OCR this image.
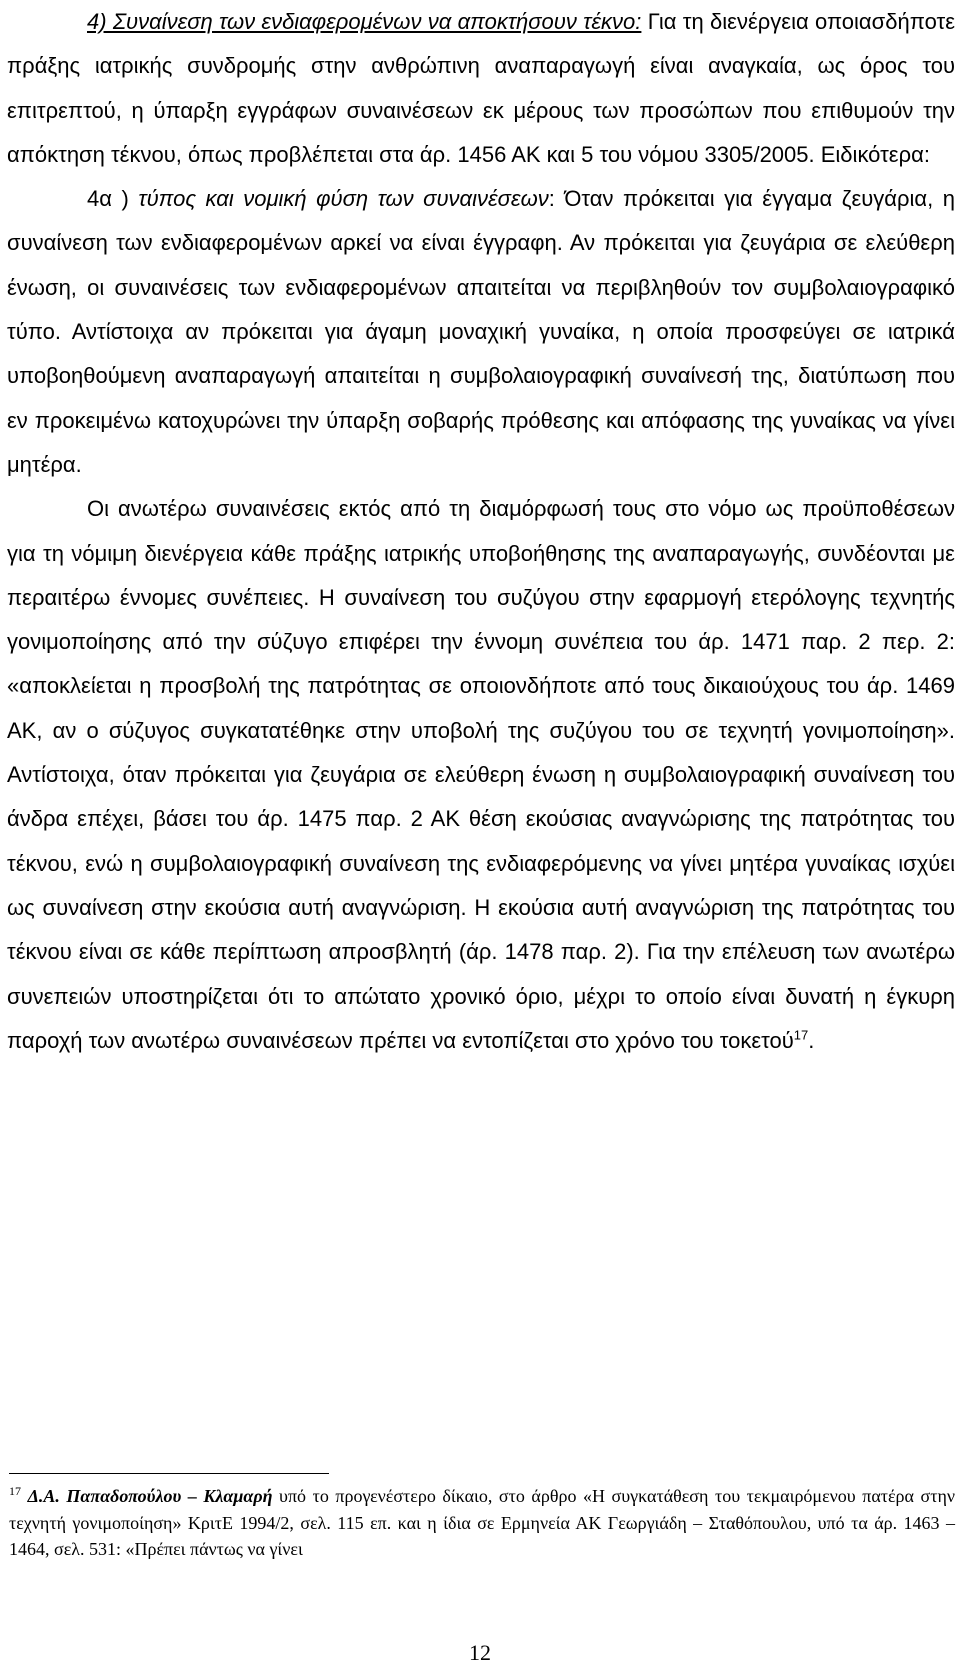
4) Συναίνεση των ενδιαφερομένων να αποκτήσουν τέκνο: Για τη διενέργεια οποιασδήποτε πράξης ιατρικής συνδρομής στην ανθρώπινη αναπαραγωγή είναι αναγκαία, ως όρος του επιτρεπτού, η ύπαρξη εγγράφων συναινέσεων εκ μέρους των προσώπων που επιθυμούν την απόκτηση τέκνου, όπως προβλέπεται στα άρ. 1456 ΑΚ και 5 του νόμου 3305/2005. Ειδικότερα:

4α ) τύπος και νομική φύση των συναινέσεων: Όταν πρόκειται για έγγαμα ζευγάρια, η συναίνεση των ενδιαφερομένων αρκεί να είναι έγγραφη. Αν πρόκειται για ζευγάρια σε ελεύθερη ένωση, οι συναινέσεις των ενδιαφερομένων απαιτείται να περιβληθούν τον συμβολαιογραφικό τύπο. Αντίστοιχα αν πρόκειται για άγαμη μοναχική γυναίκα, η οποία προσφεύγει σε ιατρικά υποβοηθούμενη αναπαραγωγή απαιτείται η συμβολαιογραφική συναίνεσή της, διατύπωση που εν προκειμένω κατοχυρώνει την ύπαρξη σοβαρής πρόθεσης και απόφασης της γυναίκας να γίνει μητέρα.

Οι ανωτέρω συναινέσεις εκτός από τη διαμόρφωσή τους στο νόμο ως προϋποθέσεων για τη νόμιμη διενέργεια κάθε πράξης ιατρικής υποβοήθησης της αναπαραγωγής, συνδέονται με περαιτέρω έννομες συνέπειες. Η συναίνεση του συζύγου στην εφαρμογή ετερόλογης τεχνητής γονιμοποίησης από την σύζυγο επιφέρει την έννομη συνέπεια του άρ. 1471 παρ. 2 περ. 2: «αποκλείεται η προσβολή της πατρότητας σε οποιονδήποτε από τους δικαιούχους του άρ. 1469 ΑΚ, αν ο σύζυγος συγκατατέθηκε στην υποβολή της συζύγου του σε τεχνητή γονιμοποίηση». Αντίστοιχα, όταν πρόκειται για ζευγάρια σε ελεύθερη ένωση η συμβολαιογραφική συναίνεση του άνδρα επέχει, βάσει του άρ. 1475 παρ. 2 ΑΚ θέση εκούσιας αναγνώρισης της πατρότητας του τέκνου, ενώ η συμβολαιογραφική συναίνεση της ενδιαφερόμενης να γίνει μητέρα γυναίκας ισχύει ως συναίνεση στην εκούσια αυτή αναγνώριση. Η εκούσια αυτή αναγνώριση της πατρότητας του τέκνου είναι σε κάθε περίπτωση απροσβλητή (άρ. 1478 παρ. 2). Για την επέλευση των ανωτέρω συνεπειών υποστηρίζεται ότι το απώτατο χρονικό όριο, μέχρι το οποίο είναι δυνατή η έγκυρη παροχή των ανωτέρω συναινέσεων πρέπει να εντοπίζεται στο χρόνο του τοκετού$^{17}$.

$^{17}$ Δ.Α. Παπαδοπούλου – Κλαμαρή υπό το προγενέστερο δίκαιο, στο άρθρο «Η συγκατάθεση του τεκμαιρόμενου πατέρα στην τεχνητή γονιμοποίηση» ΚριτΕ 1994/2, σελ. 115 επ. και η ίδια σε Ερμηνεία ΑΚ Γεωργιάδη – Σταθόπουλου, υπό τα άρ. 1463 – 1464, σελ. 531: «Πρέπει πάντως να γίνει
12
